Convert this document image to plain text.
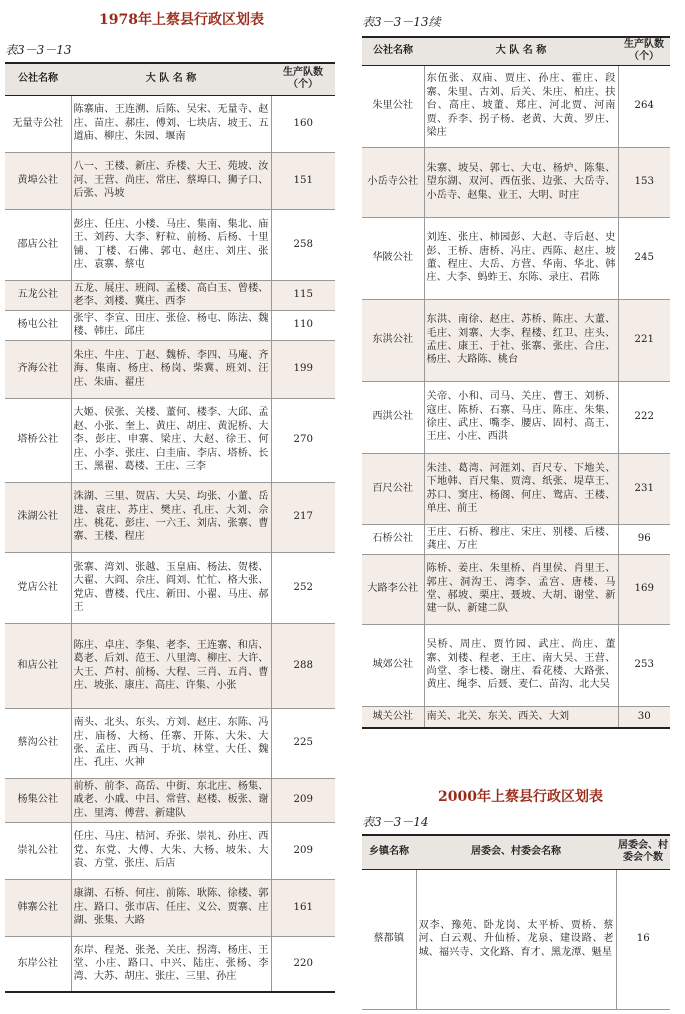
1978年上蔡县行政区划表
表3－3－13
公社名称	大 队 名 称	生产队数（个）
无量寺公社	陈寨庙、王连溯、后陈、吴宋、无量寺、赵庄、苗庄、郝庄、傅刘、七块店、坡王、五道庙、柳庄、朱园、堰南	160
黄埠公社	八一、王楼、新庄、乔楼、大王、苑坡、汝河、王营、尚庄、常庄、蔡埠口、狮子口、后张、冯坡	151
邵店公社	彭庄、任庄、小楼、马庄、集南、集北、庙王、刘药、大李、籽粒、前杨、后杨、十里铺、丁楼、石佛、郭屯、赵庄、刘庄、张庄、袁寨、蔡屯	258
五龙公社	五龙、展庄、班阎、孟楼、高白玉、曾楼、老李、刘楼、冀庄、西李	115
杨屯公社	张宇、李宣、田庄、张俭、杨屯、陈法、魏楼、韩庄、邱庄	110
齐海公社	朱庄、牛庄、丁赵、魏桥、李四、马庵、齐海、集南、杨庄、杨岗、柴冀、班刘、汪庄、朱庙、翟庄	199
塔桥公社	大姬、侯张、关楼、董何、楼李、大邱、孟赵、小张、奎上、黄庄、胡庄、黄泥桥、大李、彭庄、申寨、梁庄、大赵、徐王、何庄、小李、张庄、白圭庙、李店、塔桥、长王、黑翟、葛楼、王庄、三李	270
洙湖公社	洙湖、三里、贺店、大吴、均张、小董、岳进、袁庄、苏庄、樊庄、孔庄、大刘、佘庄、桃花、彭庄、一六王、刘店、张寨、曹寨、王楼、程庄	217
党店公社	张寨、湾刘、张越、玉皇庙、杨法、贺楼、大翟、大阎、佘庄、阎刘、忙忙、格大张、党店、曹楼、代庄、新田、小翟、马庄、郝王	252
和店公社	陈庄、卓庄、李集、老李、王连寨、和店、葛老、后刘、范王、八里湾、柳庄、大许、大王、芦村、前杨、大程、三肖、五肖、曹庄、坡张、康庄、高庄、许集、小张	288
蔡沟公社	南头、北头、东头、方刘、赵庄、东陈、冯庄、庙杨、大杨、任寨、开陈、大朱、大张、孟庄、西马、于坑、林堂、大任、魏庄、孔庄、火神	225
杨集公社	前桥、前李、高岳、中街、东北庄、杨集、戚老、小戚、中吕、常营、赵楼、板张、谢庄、里湾、傅营、新建队	209
崇礼公社	任庄、马庄、桔河、乔张、崇礼、孙庄、西党、东党、大傅、大朱、大杨、坡朱、大袁、方堂、张庄、后店	209
韩寨公社	康湖、石桥、何庄、前陈、耿陈、徐楼、郭庄、路口、张市店、任庄、义公、贾寨、庄湖、张集、大路	161
东岸公社	东岸、程尧、张尧、关庄、拐湾、杨庄、王堂、小庄、路口、中兴、陆庄、张杨、李湾、大苏、胡庄、张庄、三里、孙庄	220
表3－3－13续
公社名称	大 队 名 称	生产队数（个）
朱里公社	东伍张、双庙、贾庄、孙庄、霍庄、段寨、朱里、古刘、后关、朱庄、柏庄、扶台、高庄、坡董、郑庄、河北贾、河南贾、乔李、拐子杨、老黄、大黄、罗庄、梁庄	264
小岳寺公社	朱寨、坡吴、郭七、大屯、杨炉、陈集、望东湖、双河、西伍张、边张、大岳寺、小岳寺、赵集、业王、大明、时庄	153
华陂公社	刘连、张庄、柿园彭、大赵、寺后赵、史彭、王桥、唐桥、冯庄、西陈、赵庄、坡董、程庄、大岳、方营、华南、华北、韩庄、大李、蚂蚱王、东陈、录庄、君陈	245
东洪公社	东洪、南徐、赵庄、苏桥、陈庄、大董、毛庄、刘寨、大李、程楼、红卫、庄头、孟庄、康王、于社、张寨、张庄、合庄、杨庄、大路陈、桃台	221
西洪公社	关帝、小和、司马、关庄、曹王、刘桥、寇庄、陈桥、石寨、马庄、陈庄、朱集、徐庄、武庄、嘴李、腰店、固村、高王、王庄、小庄、西洪	222
百尺公社	朱洼、葛湾、河涯刘、百尺专、下地关、下地韩、百尺集、贾湾、纸张、堤草王、苏口、窦庄、杨阁、何庄、鸳店、王楼、单庄、前王	231
石桥公社	王庄、石桥、穆庄、宋庄、别楼、后楼、龚庄、万庄	96
大路李公社	陈桥、姜庄、朱里桥、肖里侯、肖里王、郭庄、洞沟王、湾李、孟宫、唐楼、马堂、郝坡、栗庄、聂坡、大胡、谢堂、新建一队、新建二队	169
城郊公社	吴桥、周庄、贾竹园、武庄、尚庄、董寨、刘楼、程老、王庄、南大吴、王营、尚堂、李七楼、谢庄、看花楼、大路张、黄庄、绳李、后聂、麦仁、苗沟、北大吴	253
城关公社	南关、北关、东关、西关、大刘	30
2000年上蔡县行政区划表
表3－3－14
乡镇名称	居委会、村委会名称	居委会、村委会个数
蔡都镇	双李、豫苑、卧龙岗、太平桥、贾桥、蔡河、白云观、升仙桥、龙泉、建设路、老城、福兴寺、文化路、育才、黑龙潭、魁星	16
